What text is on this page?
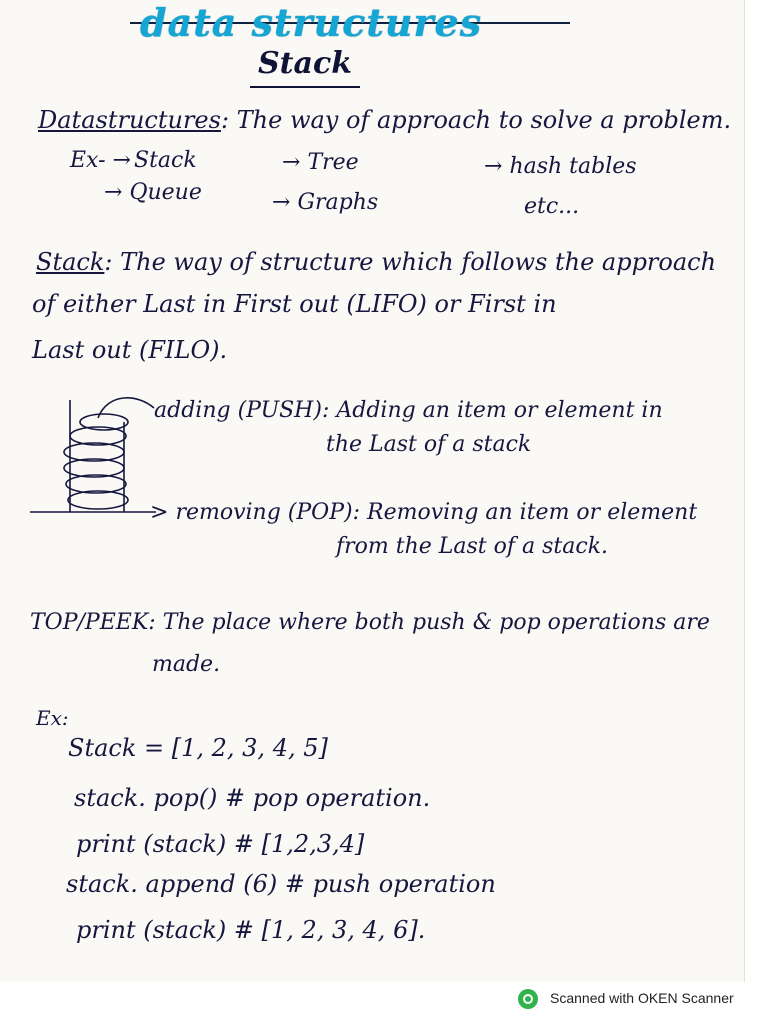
data structures
Stack
Datastructures: The way of approach to solve a problem.
Ex- → Stack
→ Queue
→ Tree
→ Graphs
→ hash tables
etc...
Stack: The way of structure which follows the approach
of either Last in First out (LIFO) or First in
Last out (FILO).
adding (PUSH): Adding an item or element in
the Last of a stack
> removing (POP): Removing an item or element
from the Last of a stack.
TOP/PEEK: The place where both push & pop operations are
made.
Ex:
Stack = [1, 2, 3, 4, 5]
stack. pop() # pop operation.
print (stack) # [1,2,3,4]
stack. append (6) # push operation
print (stack) # [1, 2, 3, 4, 6].
Scanned with OKEN Scanner
